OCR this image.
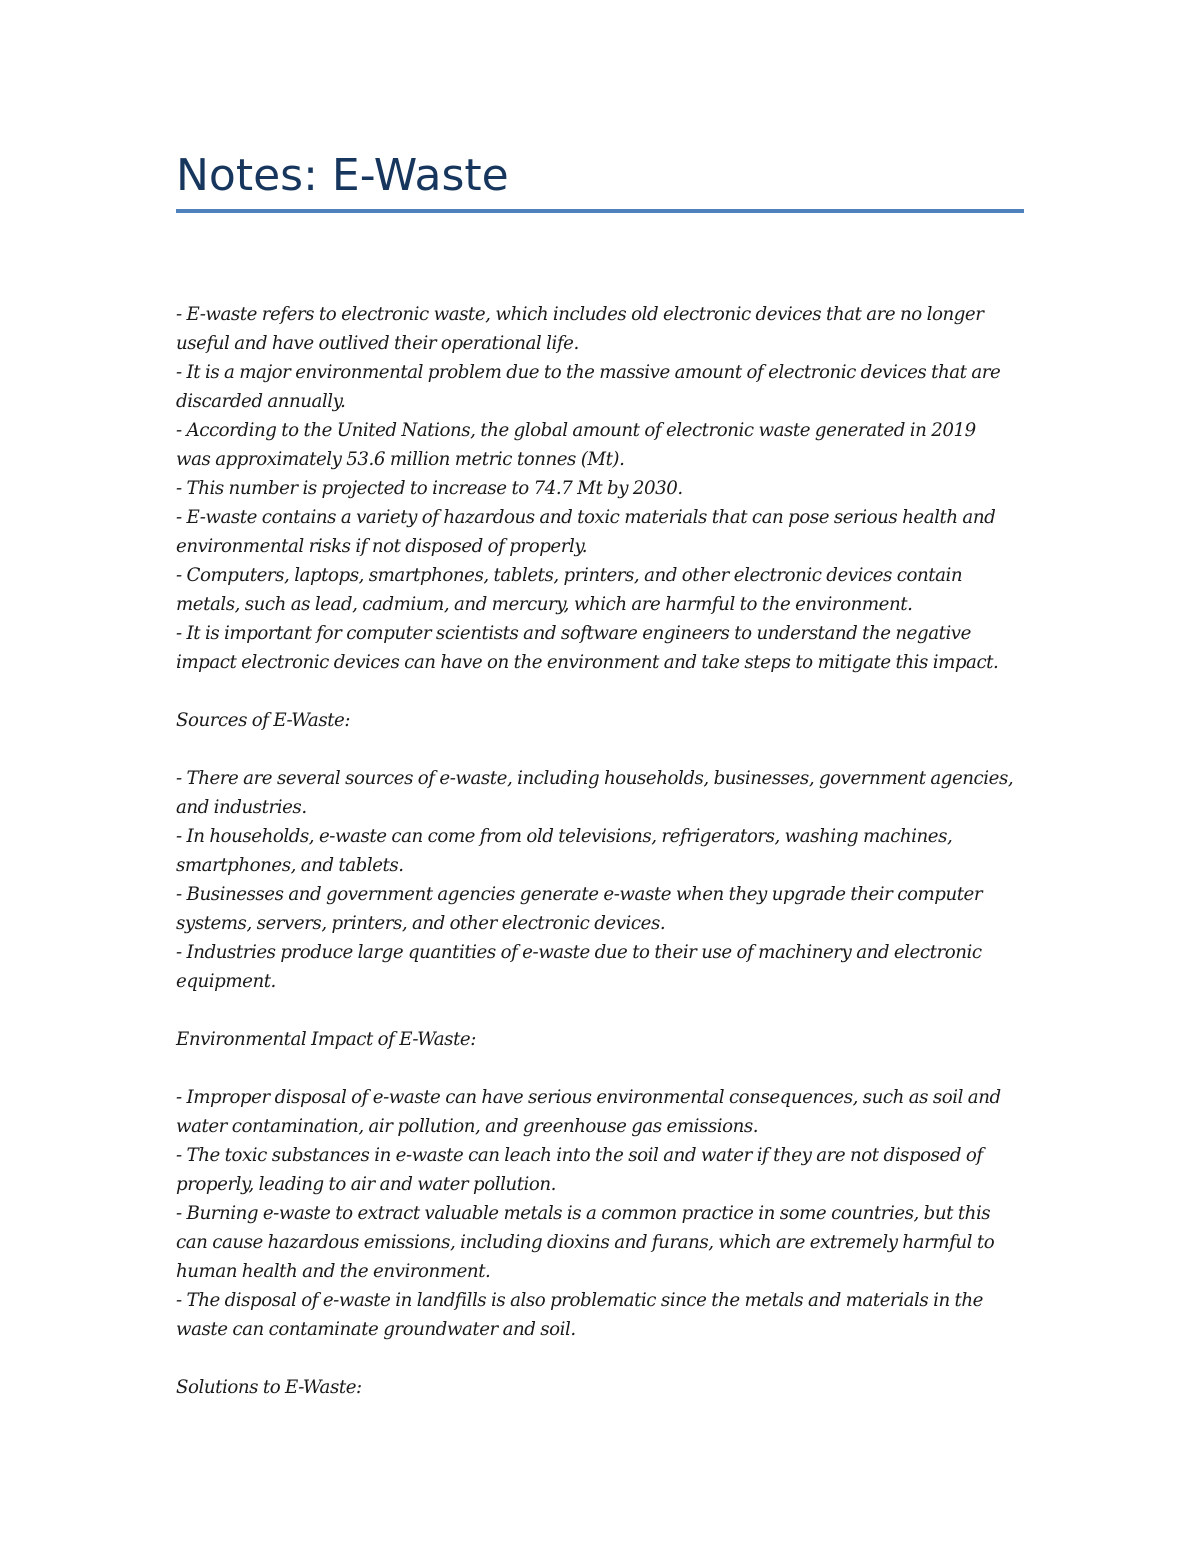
Notes: E-Waste
- E-waste refers to electronic waste, which includes old electronic devices that are no longer
useful and have outlived their operational life.
- It is a major environmental problem due to the massive amount of electronic devices that are
discarded annually.
- According to the United Nations, the global amount of electronic waste generated in 2019
was approximately 53.6 million metric tonnes (Mt).
- This number is projected to increase to 74.7 Mt by 2030.
- E-waste contains a variety of hazardous and toxic materials that can pose serious health and
environmental risks if not disposed of properly.
- Computers, laptops, smartphones, tablets, printers, and other electronic devices contain
metals, such as lead, cadmium, and mercury, which are harmful to the environment.
- It is important for computer scientists and software engineers to understand the negative
impact electronic devices can have on the environment and take steps to mitigate this impact.
Sources of E-Waste:
- There are several sources of e-waste, including households, businesses, government agencies,
and industries.
- In households, e-waste can come from old televisions, refrigerators, washing machines,
smartphones, and tablets.
- Businesses and government agencies generate e-waste when they upgrade their computer
systems, servers, printers, and other electronic devices.
- Industries produce large quantities of e-waste due to their use of machinery and electronic
equipment.
Environmental Impact of E-Waste:
- Improper disposal of e-waste can have serious environmental consequences, such as soil and
water contamination, air pollution, and greenhouse gas emissions.
- The toxic substances in e-waste can leach into the soil and water if they are not disposed of
properly, leading to air and water pollution.
- Burning e-waste to extract valuable metals is a common practice in some countries, but this
can cause hazardous emissions, including dioxins and furans, which are extremely harmful to
human health and the environment.
- The disposal of e-waste in landfills is also problematic since the metals and materials in the
waste can contaminate groundwater and soil.
Solutions to E-Waste:
